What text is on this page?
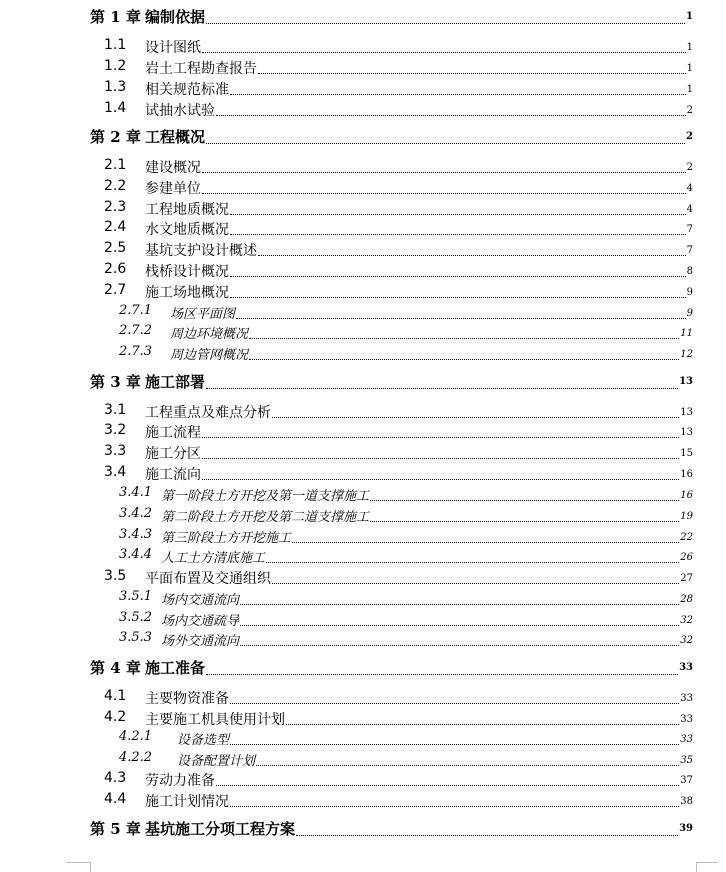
第 1 章 编制依据	1
1.1 设计图纸	1
1.2 岩土工程勘查报告	1
1.3 相关规范标准	1
1.4 试抽水试验	2
第 2 章 工程概况	2
2.1 建设概况	2
2.2 参建单位	4
2.3 工程地质概况	4
2.4 水文地质概况	7
2.5 基坑支护设计概述	7
2.6 栈桥设计概况	8
2.7 施工场地概况	9
2.7.1 场区平面图	9
2.7.2 周边环境概况	11
2.7.3 周边管网概况	12
第 3 章 施工部署	13
3.1 工程重点及难点分析	13
3.2 施工流程	13
3.3 施工分区	15
3.4 施工流向	16
3.4.1 第一阶段土方开挖及第一道支撑施工	16
3.4.2 第二阶段土方开挖及第二道支撑施工	19
3.4.3 第三阶段土方开挖施工	22
3.4.4 人工土方清底施工	26
3.5 平面布置及交通组织	27
3.5.1 场内交通流向	28
3.5.2 场内交通疏导	32
3.5.3 场外交通流向	32
第 4 章 施工准备	33
4.1 主要物资准备	33
4.2 主要施工机具使用计划	33
4.2.1 设备选型	33
4.2.2 设备配置计划	35
4.3 劳动力准备	37
4.4 施工计划情况	38
第 5 章 基坑施工分项工程方案	39
